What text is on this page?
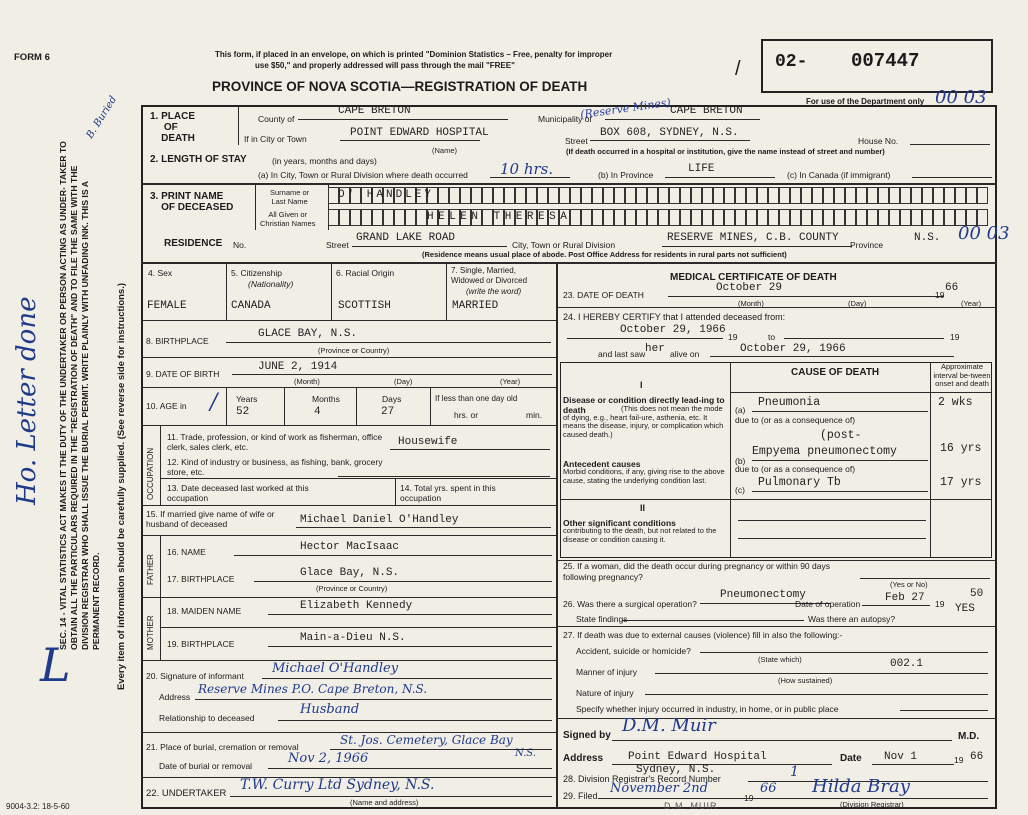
FORM 6	This form, if placed in an envelope, on which is printed "Dominion Statistics – Free, penalty for improper
use $50," and properly addressed will pass through the mail "FREE"
PROVINCE OF NOVA SCOTIA—REGISTRATION OF DEATH
02- 007447
/
For use of the Department only
SEC. 14 - VITAL STATISTICS ACT MAKES IT THE DUTY OF THE UNDERTAKER OR PERSON ACTING AS UNDER- TAKER TO OBTAIN ALL THE PARTICULARS REQUIRED IN THE "REGISTRATION OF DEATH" AND TO FILE THE SAME WITH THE DIVISION REGISTRAR WHO SHALL ISSUE THE BURIAL PERMIT. WRITE PLAINLY WITH UNFADING INK. THIS IS A PERMANENT RECORD. Every item of information should be carefully supplied. (See reverse side for instructions.)
Ho. Letter done
B. Buried
L
9004-3.2: 18-5-60
1. PLACE
OF
DEATH
County of
CAPE BRETON
Municipality of
CAPE BRETON
00 03
If in City or Town	POINT EDWARD HOSPITAL
(Name)
Street
BOX 608, SYDNEY, N.S.
House No.
(If death occurred in a hospital or institution, give the name instead of street and number)
(Reserve Mines)
2. LENGTH OF STAY	(in years, months and days)
(a) In City, Town or Rural Division where death occurred 10 hrs.	(b) In Province	LIFE	(c) In Canada (if immigrant)
3. PRINT NAME
OF DECEASED
Surname or
Last Name
All Given or
Christian Names
O' HANDLEY
HELEN THERESA
RESIDENCE No.	Street
GRAND LAKE ROAD
City, Town or Rural Division
RESERVE MINES, C.B. COUNTY
Province
N.S. 00 03
(Residence means usual place of abode. Post Office Address for residents in rural parts not sufficient)
4. Sex
FEMALE
5. Citizenship
(Nationality)
CANADA
6. Racial Origin
SCOTTISH
7. Single, Married, Widowed or Divorced
(write the word)
MARRIED
8. BIRTHPLACE
GLACE BAY, N.S.
(Province or Country)
9. DATE OF BIRTH
JUNE 2, 1914
(Month)	(Day)	(Year)
10. AGE in
Years	Months	Days
52	4	27
/	If less than one day old
hrs. or	min.
OCCUPATION
11. Trade, profession, or kind of work as fisherman, office clerk, sales clerk, etc.	Housewife
12. Kind of industry or business, as fishing, bank, grocery store, etc.
13. Date deceased last worked at this occupation
14. Total yrs. spent in this occupation
15. If married give name of wife or husband of deceased	Michael Daniel O'Handley
FATHER
16. NAME	Hector MacIsaac
17. BIRTHPLACE	Glace Bay, N.S.
(Province or Country)
MOTHER
18. MAIDEN NAME	Elizabeth Kennedy
19. BIRTHPLACE	Main-a-Dieu N.S.
20. Signature of informant Michael O'Handley
Address
Reserve Mines P.O. Cape Breton, N.S.
Relationship to deceased
Husband
21. Place of burial, cremation or removal	St. Jos. Cemetery, Glace Bay
N.S.
Date of burial or removal	Nov 2, 1966
22. UNDERTAKER
T.W. Curry Ltd Sydney, N.S.
(Name and address)
MEDICAL CERTIFICATE OF DEATH
23. DATE OF DEATH
October 29
19
66
(Month)	(Day)	(Year)
24. I HEREBY CERTIFY that I attended deceased from:
October 29, 1966
19	to	19
and last saw her alive on	October 29, 1966
CAUSE OF DEATH
Approximate interval be-tween onset and death
I
Disease or condition directly lead-ing to death	(This does not mean the mode of dying, e.g., heart fail-ure, asthenia, etc. It means the disease, injury, or complication which caused death.)
(a)
Pneumonia	2 wks
due to (or as a consequence of)
(post-
Antecedent causes
Morbid conditions, if any, giving rise to the above cause, stating the underlying condition last.
(b)
Empyema pneumonectomy	16 yrs
due to (or as a consequence of)
(c)
Pulmonary Tb	17 yrs
II
Other significant conditions
contributing to the death, but not related to the disease or condition causing it.
25. If a woman, did the death occur during pregnancy or within 90 days following pregnancy?
(Yes or No)
26. Was there a surgical operation?
Pneumonectomy
Date of operation Feb 27 19
50
State findings	Was there an autopsy?
YES
27. If death was due to external causes (violence) fill in also the following:-
Accident, suicide or homicide?
(State which)
Manner of injury
002.1
(How sustained)
Nature of injury
Specify whether injury occurred in industry, in home, or in public place
Signed by D.M. Muir
M.D.
Address Point Edward Hospital
Sydney, N.S.
Date Nov 1	19 66
28. Division Registrar's Record Number	1
29. Filed November 2nd
19
66 Hilda Bray
(Division Registrar)
D.M. MUIR
